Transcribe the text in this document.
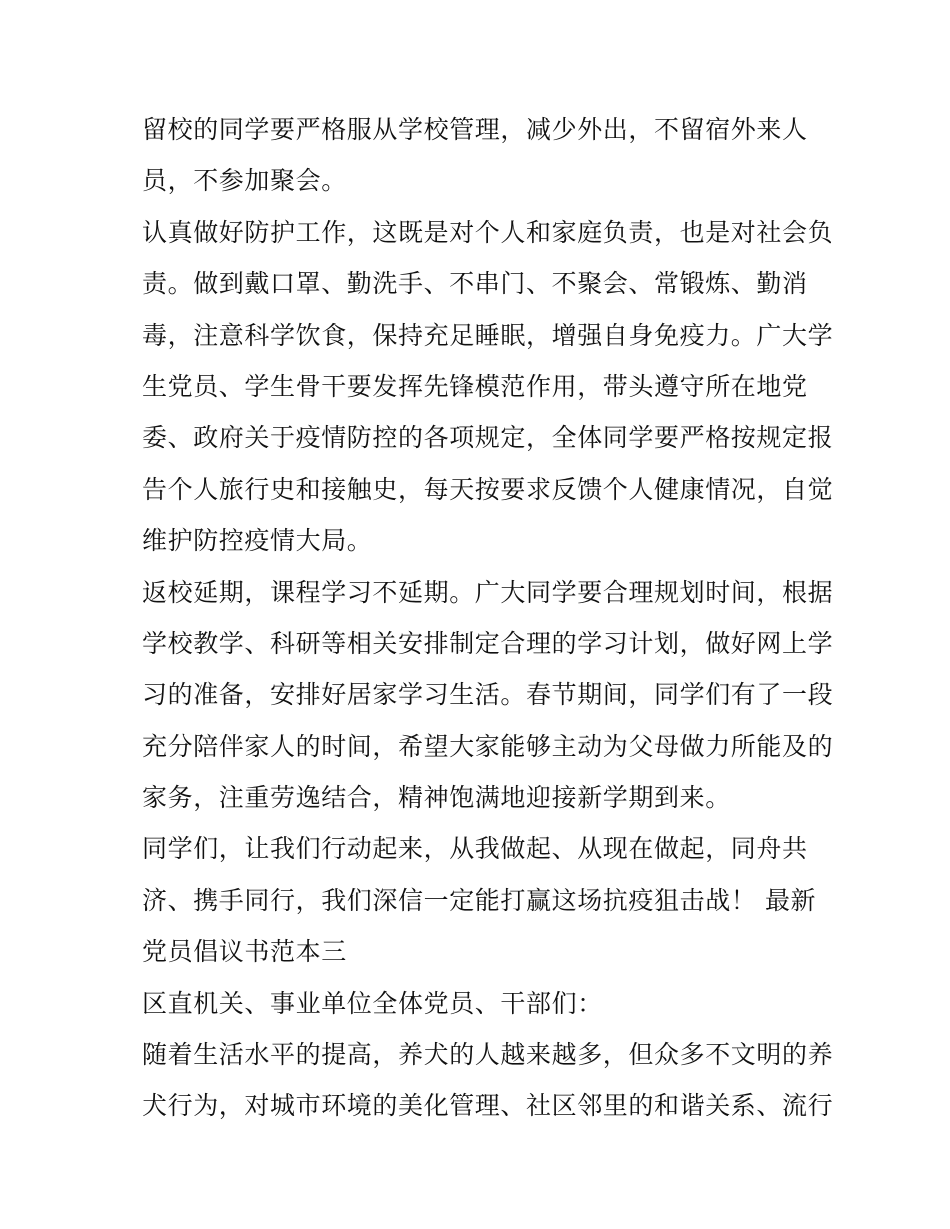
留校的同学要严格服从学校管理，减少外出，不留宿外来人
员，不参加聚会。
认真做好防护工作，这既是对个人和家庭负责，也是对社会负
责。做到戴口罩、勤洗手、不串门、不聚会、常锻炼、勤消
毒，注意科学饮食，保持充足睡眠，增强自身免疫力。广大学
生党员、学生骨干要发挥先锋模范作用，带头遵守所在地党
委、政府关于疫情防控的各项规定，全体同学要严格按规定报
告个人旅行史和接触史，每天按要求反馈个人健康情况，自觉
维护防控疫情大局。
返校延期，课程学习不延期。广大同学要合理规划时间，根据
学校教学、科研等相关安排制定合理的学习计划，做好网上学
习的准备，安排好居家学习生活。春节期间，同学们有了一段
充分陪伴家人的时间，希望大家能够主动为父母做力所能及的
家务，注重劳逸结合，精神饱满地迎接新学期到来。
同学们，让我们行动起来，从我做起、从现在做起，同舟共
济、携手同行，我们深信一定能打赢这场抗疫狙击战！ 最新
党员倡议书范本三
区直机关、事业单位全体党员、干部们：
随着生活水平的提高，养犬的人越来越多，但众多不文明的养
犬行为，对城市环境的美化管理、社区邻里的和谐关系、流行
